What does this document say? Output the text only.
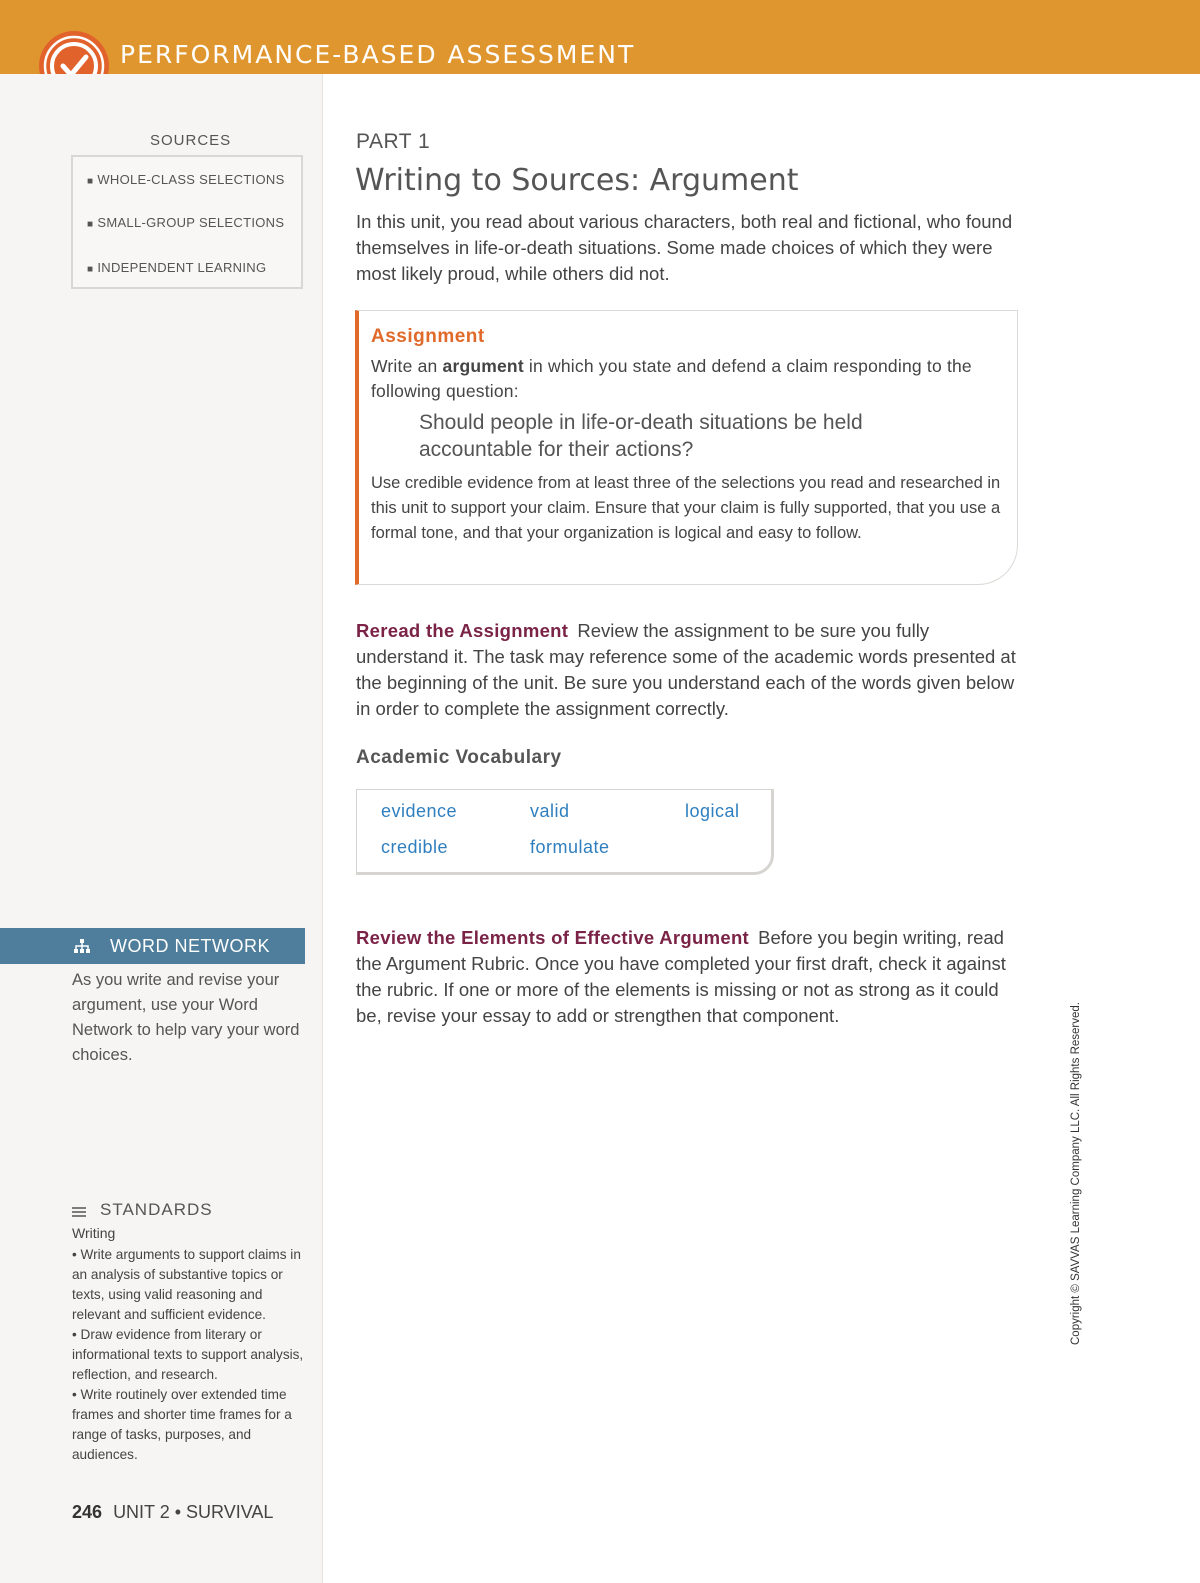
PERFORMANCE-BASED ASSESSMENT
SOURCES
■ WHOLE-CLASS SELECTIONS
■ SMALL-GROUP SELECTIONS
■ INDEPENDENT LEARNING
WORD NETWORK
As you write and revise your argument, use your Word Network to help vary your word choices.
STANDARDS
Writing
• Write arguments to support claims in an analysis of substantive topics or texts, using valid reasoning and relevant and sufficient evidence.
• Draw evidence from literary or informational texts to support analysis, reflection, and research.
• Write routinely over extended time frames and shorter time frames for a range of tasks, purposes, and audiences.
246 UNIT 2 • SURVIVAL
PART 1
Writing to Sources: Argument
In this unit, you read about various characters, both real and fictional, who found themselves in life-or-death situations. Some made choices of which they were most likely proud, while others did not.
Assignment
Write an argument in which you state and defend a claim responding to the following question:
Should people in life-or-death situations be held accountable for their actions?
Use credible evidence from at least three of the selections you read and researched in this unit to support your claim. Ensure that your claim is fully supported, that you use a formal tone, and that your organization is logical and easy to follow.
Reread the Assignment Review the assignment to be sure you fully understand it. The task may reference some of the academic words presented at the beginning of the unit. Be sure you understand each of the words given below in order to complete the assignment correctly.
Academic Vocabulary
evidence	valid	logical
credible	formulate
Review the Elements of Effective Argument Before you begin writing, read the Argument Rubric. Once you have completed your first draft, check it against the rubric. If one or more of the elements is missing or not as strong as it could be, revise your essay to add or strengthen that component.	Copyright © SAVVAS Learning Company LLC. All Rights Reserved.
